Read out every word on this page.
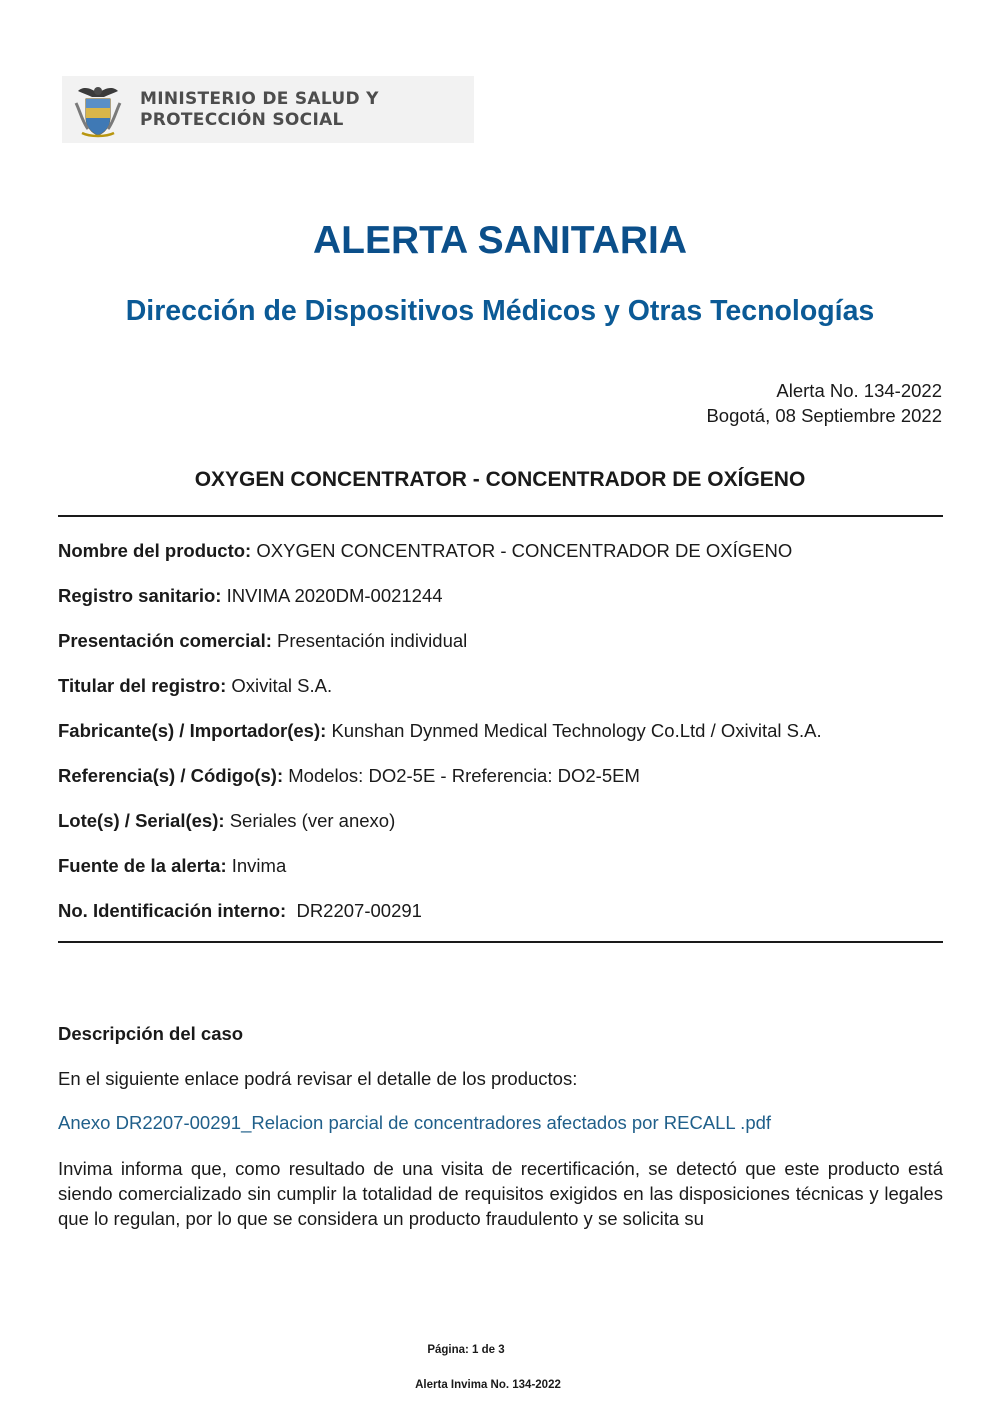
MINISTERIO DE SALUD Y
PROTECCIÓN SOCIAL
ALERTA SANITARIA
Dirección de Dispositivos Médicos y Otras Tecnologías
Alerta No. 134-2022
Bogotá, 08 Septiembre 2022
OXYGEN CONCENTRATOR - CONCENTRADOR DE OXÍGENO
Nombre del producto: OXYGEN CONCENTRATOR - CONCENTRADOR DE OXÍGENO
Registro sanitario: INVIMA 2020DM-0021244
Presentación comercial: Presentación individual
Titular del registro: Oxivital S.A.
Fabricante(s) / Importador(es): Kunshan Dynmed Medical Technology Co.Ltd / Oxivital S.A.
Referencia(s) / Código(s): Modelos: DO2-5E - Rreferencia: DO2-5EM
Lote(s) / Serial(es): Seriales (ver anexo)
Fuente de la alerta: Invima
No. Identificación interno:  DR2207-00291
Descripción del caso

En el siguiente enlace podrá revisar el detalle de los productos:

Anexo DR2207-00291_Relacion parcial de concentradores afectados por RECALL .pdf

Invima informa que, como resultado de una visita de recertificación, se detectó que este producto está siendo comercializado sin cumplir la totalidad de requisitos exigidos en las disposiciones técnicas y legales que lo regulan, por lo que se considera un producto fraudulento y se solicita su

Página: 1 de 3
Alerta Invima No. 134-2022
